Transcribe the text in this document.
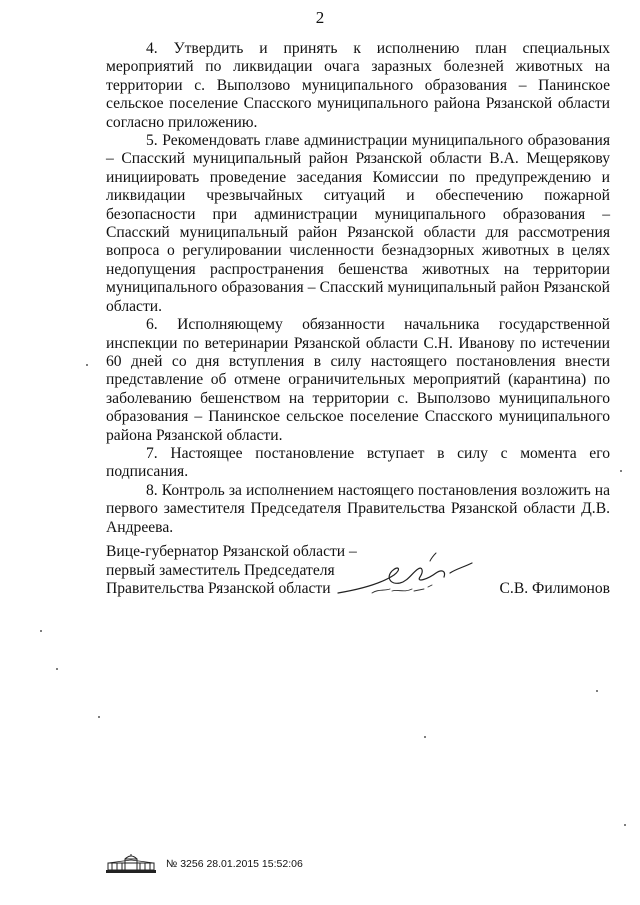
2

4. Утвердить и принять к исполнению план специальных мероприятий по ликвидации очага заразных болезней животных на территории с. Выползово муниципального образования – Панинское сельское поселение Спасского муниципального района Рязанской области согласно приложению.

5. Рекомендовать главе администрации муниципального образования – Спасский муниципальный район Рязанской области В.А. Мещерякову инициировать проведение заседания Комиссии по предупреждению и ликвидации чрезвычайных ситуаций и обеспечению пожарной безопасности при администрации муниципального образования – Спасский муниципальный район Рязанской области для рассмотрения вопроса о регулировании численности безнадзорных животных в целях недопущения распространения бешенства животных на территории муниципального образования – Спасский муниципальный район Рязанской области.

6. Исполняющему обязанности начальника государственной инспекции по ветеринарии Рязанской области С.Н. Иванову по истечении 60 дней со дня вступления в силу настоящего постановления внести представление об отмене ограничительных мероприятий (карантина) по заболеванию бешенством на территории с. Выползово муниципального образования – Панинское сельское поселение Спасского муниципального района Рязанской области.

7. Настоящее постановление вступает в силу с момента его подписания.

8. Контроль за исполнением настоящего постановления возложить на первого заместителя Председателя Правительства Рязанской области Д.В. Андреева.

Вице-губернатор Рязанской области –
первый заместитель Председателя
Правительства Рязанской области	С.В. Филимонов
№ 3256 28.01.2015 15:52:06
